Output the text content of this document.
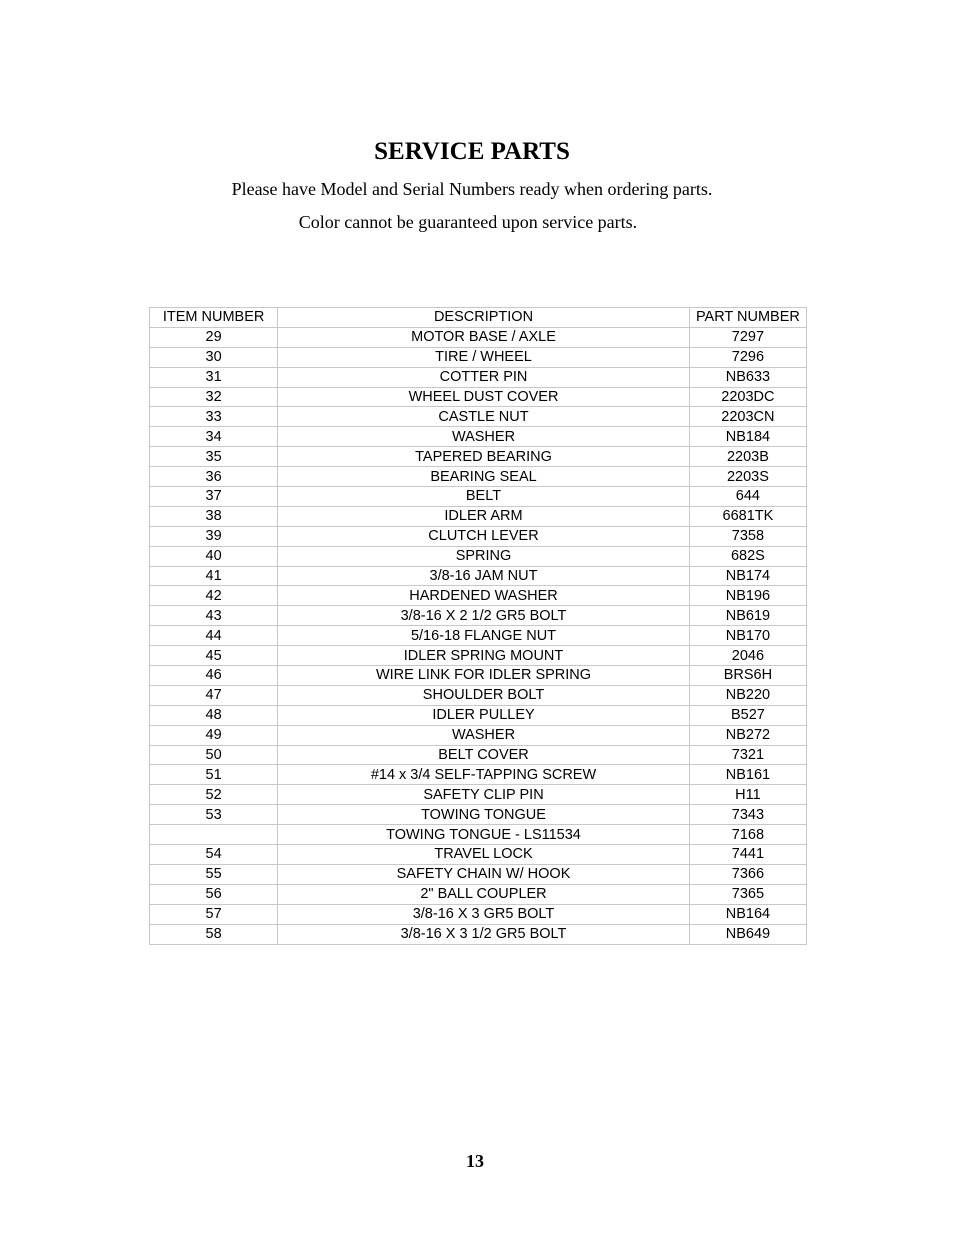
SERVICE PARTS
Please have Model and Serial Numbers ready when ordering parts.
Color cannot be guaranteed upon service parts.
ITEM NUMBER	DESCRIPTION	PART NUMBER
29	MOTOR BASE / AXLE	7297
30	TIRE / WHEEL	7296
31	COTTER PIN	NB633
32	WHEEL DUST COVER	2203DC
33	CASTLE NUT	2203CN
34	WASHER	NB184
35	TAPERED BEARING	2203B
36	BEARING SEAL	2203S
37	BELT	644
38	IDLER ARM	6681TK
39	CLUTCH LEVER	7358
40	SPRING	682S
41	3/8-16 JAM NUT	NB174
42	HARDENED WASHER	NB196
43	3/8-16 X 2 1/2 GR5 BOLT	NB619
44	5/16-18 FLANGE NUT	NB170
45	IDLER SPRING MOUNT	2046
46	WIRE LINK FOR IDLER SPRING	BRS6H
47	SHOULDER BOLT	NB220
48	IDLER PULLEY	B527
49	WASHER	NB272
50	BELT COVER	7321
51	#14 x 3/4 SELF-TAPPING SCREW	NB161
52	SAFETY CLIP PIN	H11
53	TOWING TONGUE	7343
	TOWING TONGUE - LS11534	7168
54	TRAVEL LOCK	7441
55	SAFETY CHAIN W/ HOOK	7366
56	2" BALL COUPLER	7365
57	3/8-16 X 3 GR5 BOLT	NB164
58	3/8-16 X 3 1/2 GR5 BOLT	NB649
13
